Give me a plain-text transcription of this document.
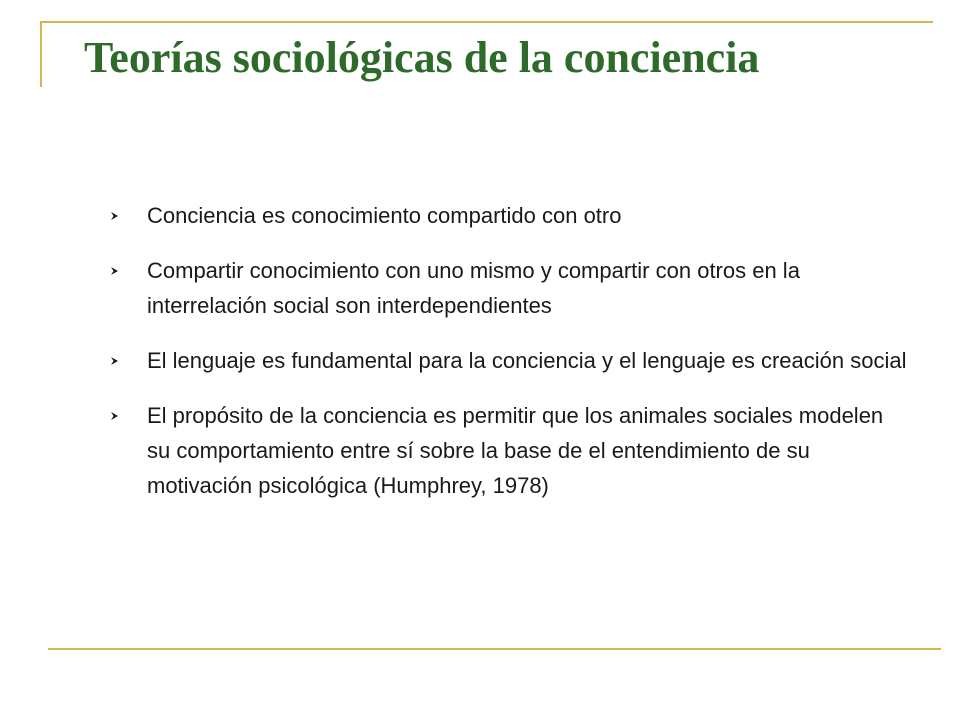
Teorías sociológicas de la conciencia
Conciencia es conocimiento compartido con otro
Compartir conocimiento con uno mismo y compartir con otros en la interrelación social son interdependientes
El lenguaje es fundamental para la conciencia y el lenguaje es creación social
El propósito de la conciencia es permitir que los animales sociales modelen su comportamiento entre sí sobre la base de el entendimiento de su motivación psicológica (Humphrey, 1978)
